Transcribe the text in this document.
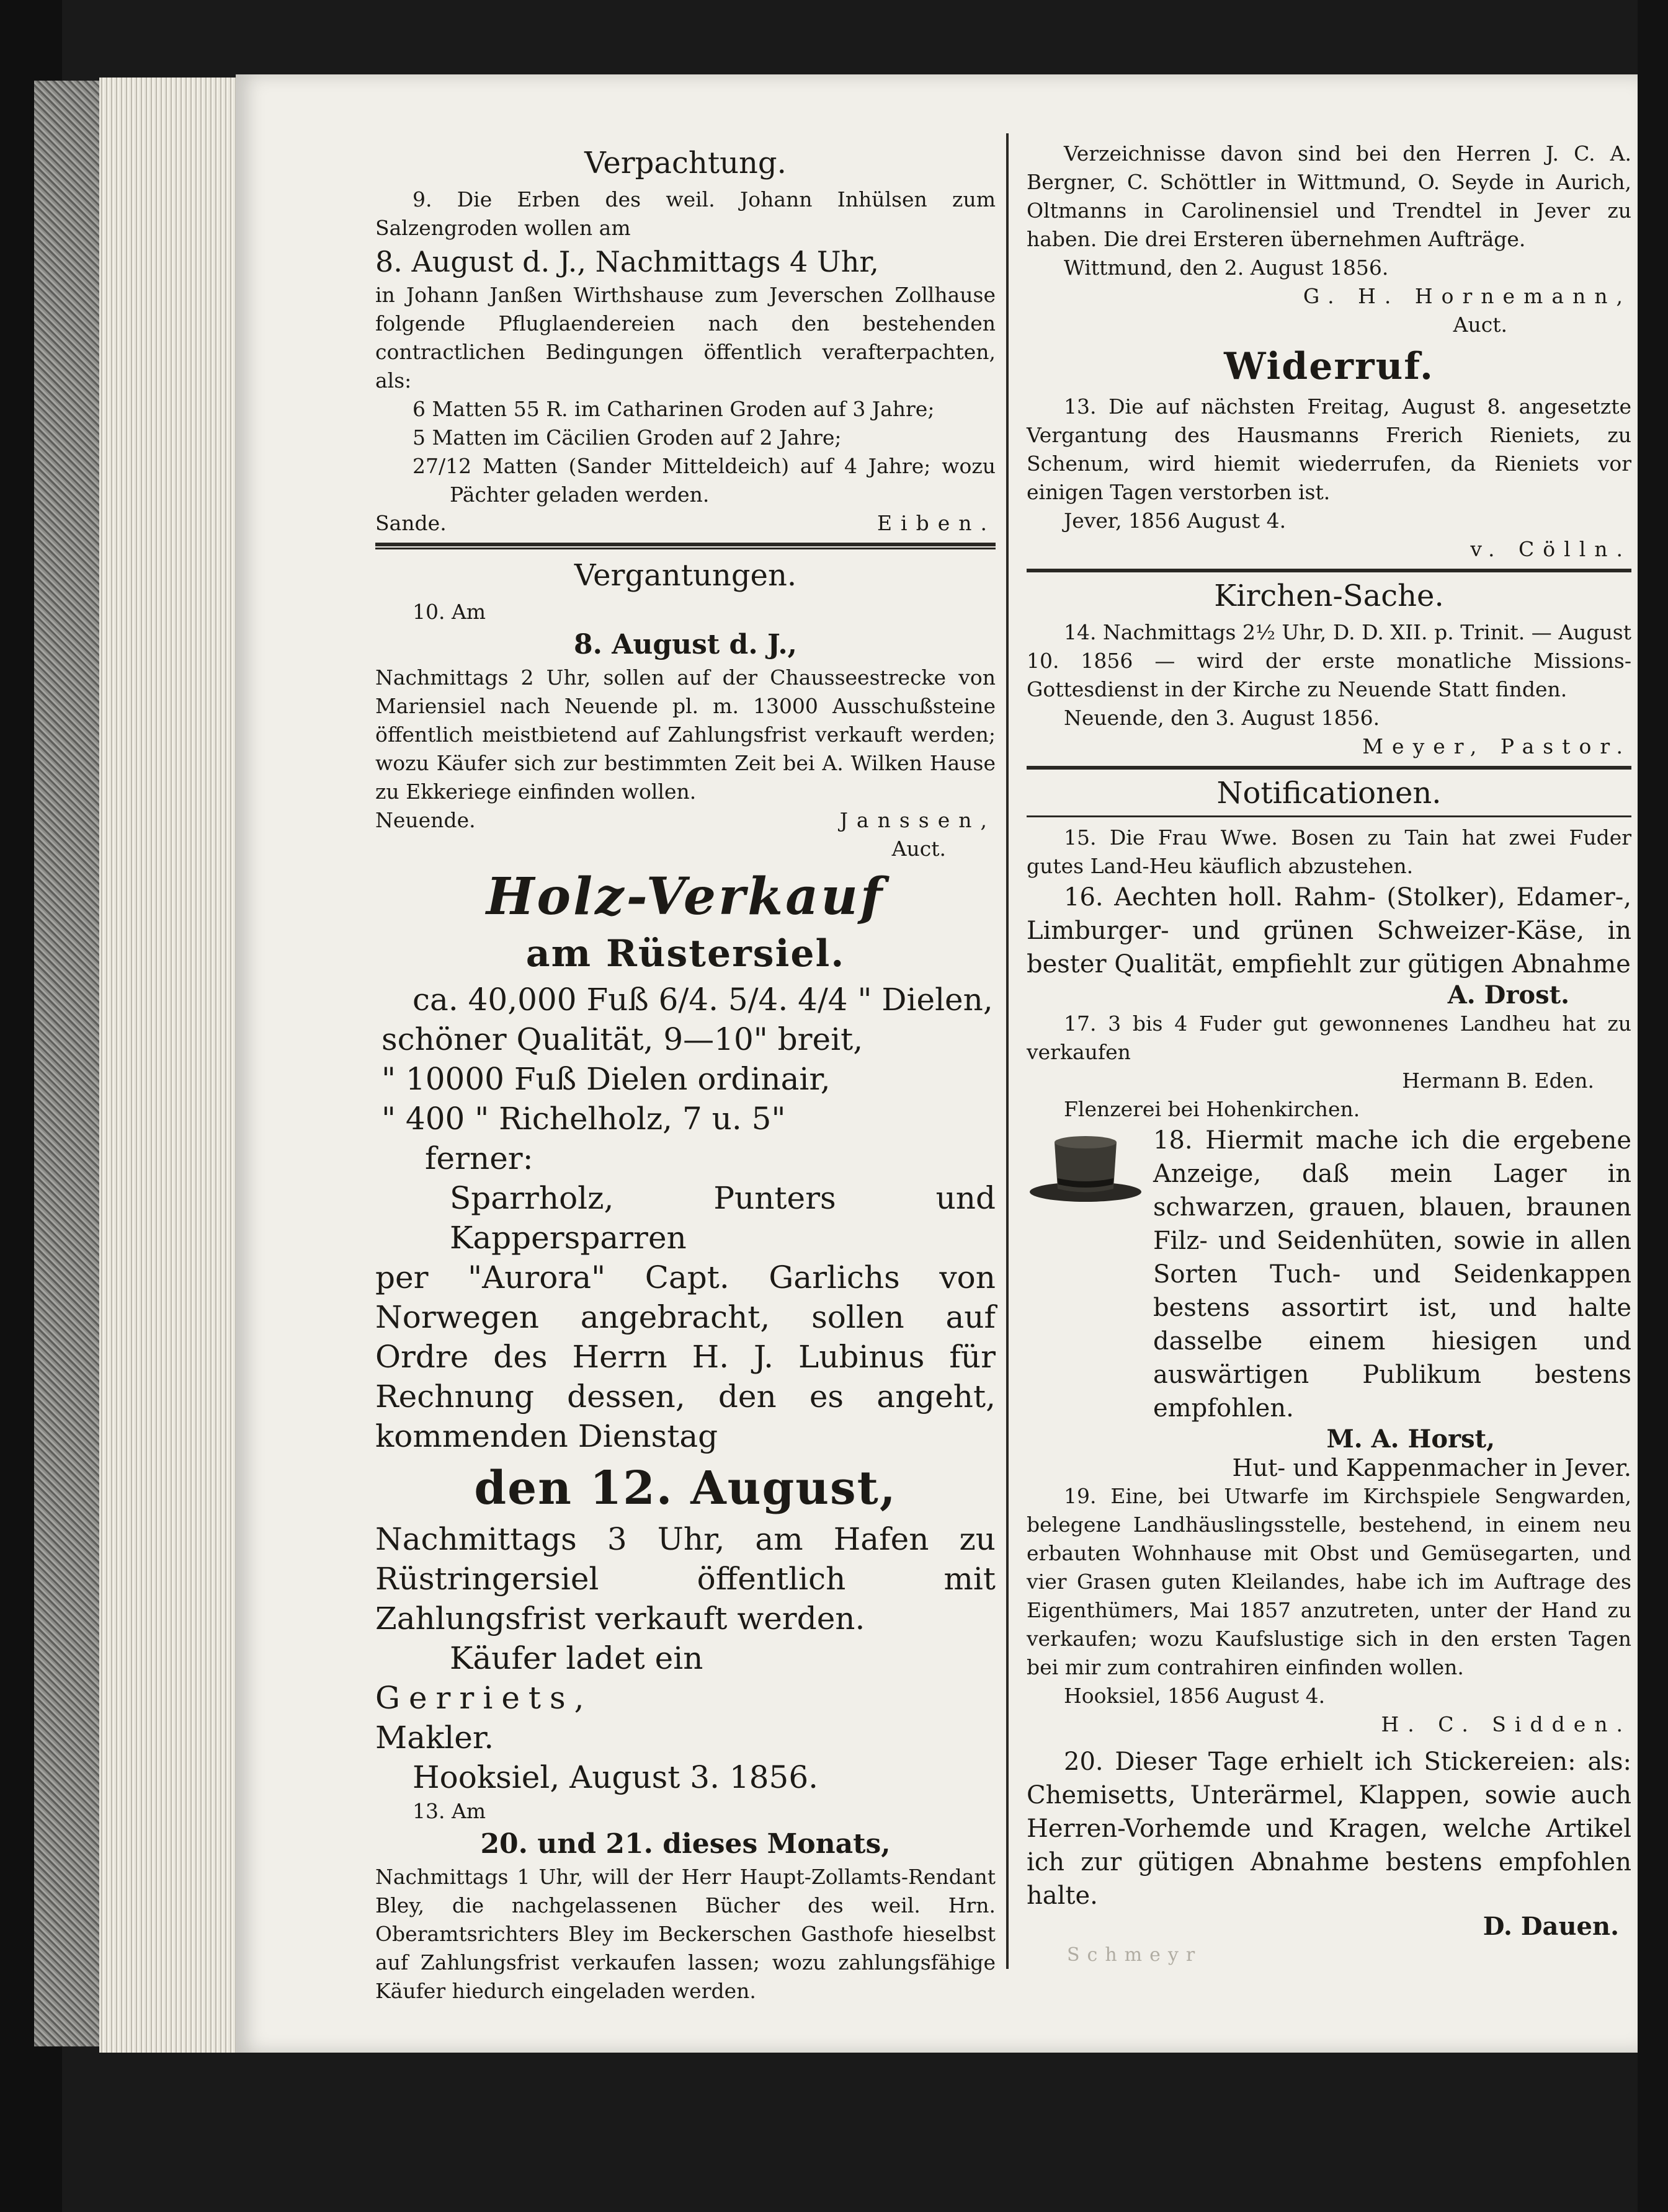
Verpachtung.

9. Die Erben des weil. Johann Inhülsen zum Salzengroden wollen am

8. August d. J., Nachmittags 4 Uhr,

in Johann Janßen Wirthshause zum Jeverschen Zollhause folgende Pfluglaendereien nach den bestehenden contractlichen Bedingungen öffentlich verafterpachten, als:

6 Matten 55 R. im Catharinen Groden auf 3 Jahre;

5 Matten im Cäcilien Groden auf 2 Jahre;

27/12 Matten (Sander Mitteldeich) auf 4 Jahre; wozu Pächter geladen werden.

Sande.	Eiben.
Vergantungen.

10. Am

8. August d. J.,

Nachmittags 2 Uhr, sollen auf der Chausseestrecke von Mariensiel nach Neuende pl. m. 13000 Ausschußsteine öffentlich meistbietend auf Zahlungsfrist verkauft werden; wozu Käufer sich zur bestimmten Zeit bei A. Wilken Hause zu Ekkeriege einfinden wollen.

Neuende.	Janssen,
Auct.
Holz-Verkauf
am Rüstersiel.

ca. 40,000 Fuß 6/4. 5/4. 4/4 " Dielen,

schöner Qualität, 9—10" breit,

" 10000 Fuß Dielen ordinair,

" 400 " Richelholz, 7 u. 5"

ferner:

Sparrholz, Punters und Kappersparren

per "Aurora" Capt. Garlichs von Norwegen angebracht, sollen auf Ordre des Herrn H. J. Lubinus für Rechnung dessen, den es angeht, kommenden Dienstag

den 12. August,

Nachmittags 3 Uhr, am Hafen zu Rüstringersiel öffentlich mit Zahlungsfrist verkauft werden.

Käufer ladet ein

Gerriets,

Makler.

Hooksiel, August 3. 1856.

13. Am

20. und 21. dieses Monats,

Nachmittags 1 Uhr, will der Herr Haupt-Zollamts-Rendant Bley, die nachgelassenen Bücher des weil. Hrn. Oberamtsrichters Bley im Beckerschen Gasthofe hieselbst auf Zahlungsfrist verkaufen lassen; wozu zahlungsfähige Käufer hiedurch eingeladen werden.

Verzeichnisse davon sind bei den Herren J. C. A. Bergner, C. Schöttler in Wittmund, O. Seyde in Aurich, Oltmanns in Carolinensiel und Trendtel in Jever zu haben. Die drei Ersteren übernehmen Aufträge.

Wittmund, den 2. August 1856.

G. H. Hornemann,

Auct.

Widerruf.

13. Die auf nächsten Freitag, August 8. angesetzte Vergantung des Hausmanns Frerich Rieniets, zu Schenum, wird hiemit wiederrufen, da Rieniets vor einigen Tagen verstorben ist.

Jever, 1856 August 4.

v. Cölln.

Kirchen-Sache.

14. Nachmittags 2½ Uhr, D. D. XII. p. Trinit. — August 10. 1856 — wird der erste monatliche Missions-Gottesdienst in der Kirche zu Neuende Statt finden.

Neuende, den 3. August 1856.

Meyer, Pastor.

Notificationen.

15. Die Frau Wwe. Bosen zu Tain hat zwei Fuder gutes Land-Heu käuflich abzustehen.

16. Aechten holl. Rahm- (Stolker), Edamer-, Limburger- und grünen Schweizer-Käse, in bester Qualität, empfiehlt zur gütigen Abnahme

A. Drost.

17. 3 bis 4 Fuder gut gewonnenes Landheu hat zu verkaufen

Hermann B. Eden.

Flenzerei bei Hohenkirchen.

18. Hiermit mache ich die ergebene Anzeige, daß mein Lager in schwarzen, grauen, blauen, braunen Filz- und Seidenhüten, sowie in allen Sorten Tuch- und Seidenkappen bestens assortirt ist, und halte dasselbe einem hiesigen und auswärtigen Publikum bestens empfohlen.

M. A. Horst,

Hut- und Kappenmacher in Jever.

19. Eine, bei Utwarfe im Kirchspiele Sengwarden, belegene Landhäuslingsstelle, bestehend, in einem neu erbauten Wohnhause mit Obst und Gemüsegarten, und vier Grasen guten Kleilandes, habe ich im Auftrage des Eigenthümers, Mai 1857 anzutreten, unter der Hand zu verkaufen; wozu Kaufslustige sich in den ersten Tagen bei mir zum contrahiren einfinden wollen.

Hooksiel, 1856 August 4.

H. C. Sidden.

20. Dieser Tage erhielt ich Stickereien: als: Chemisetts, Unterärmel, Klappen, sowie auch Herren-Vorhemde und Kragen, welche Artikel ich zur gütigen Abnahme bestens empfohlen halte.

D. Dauen.

Schmeyr
